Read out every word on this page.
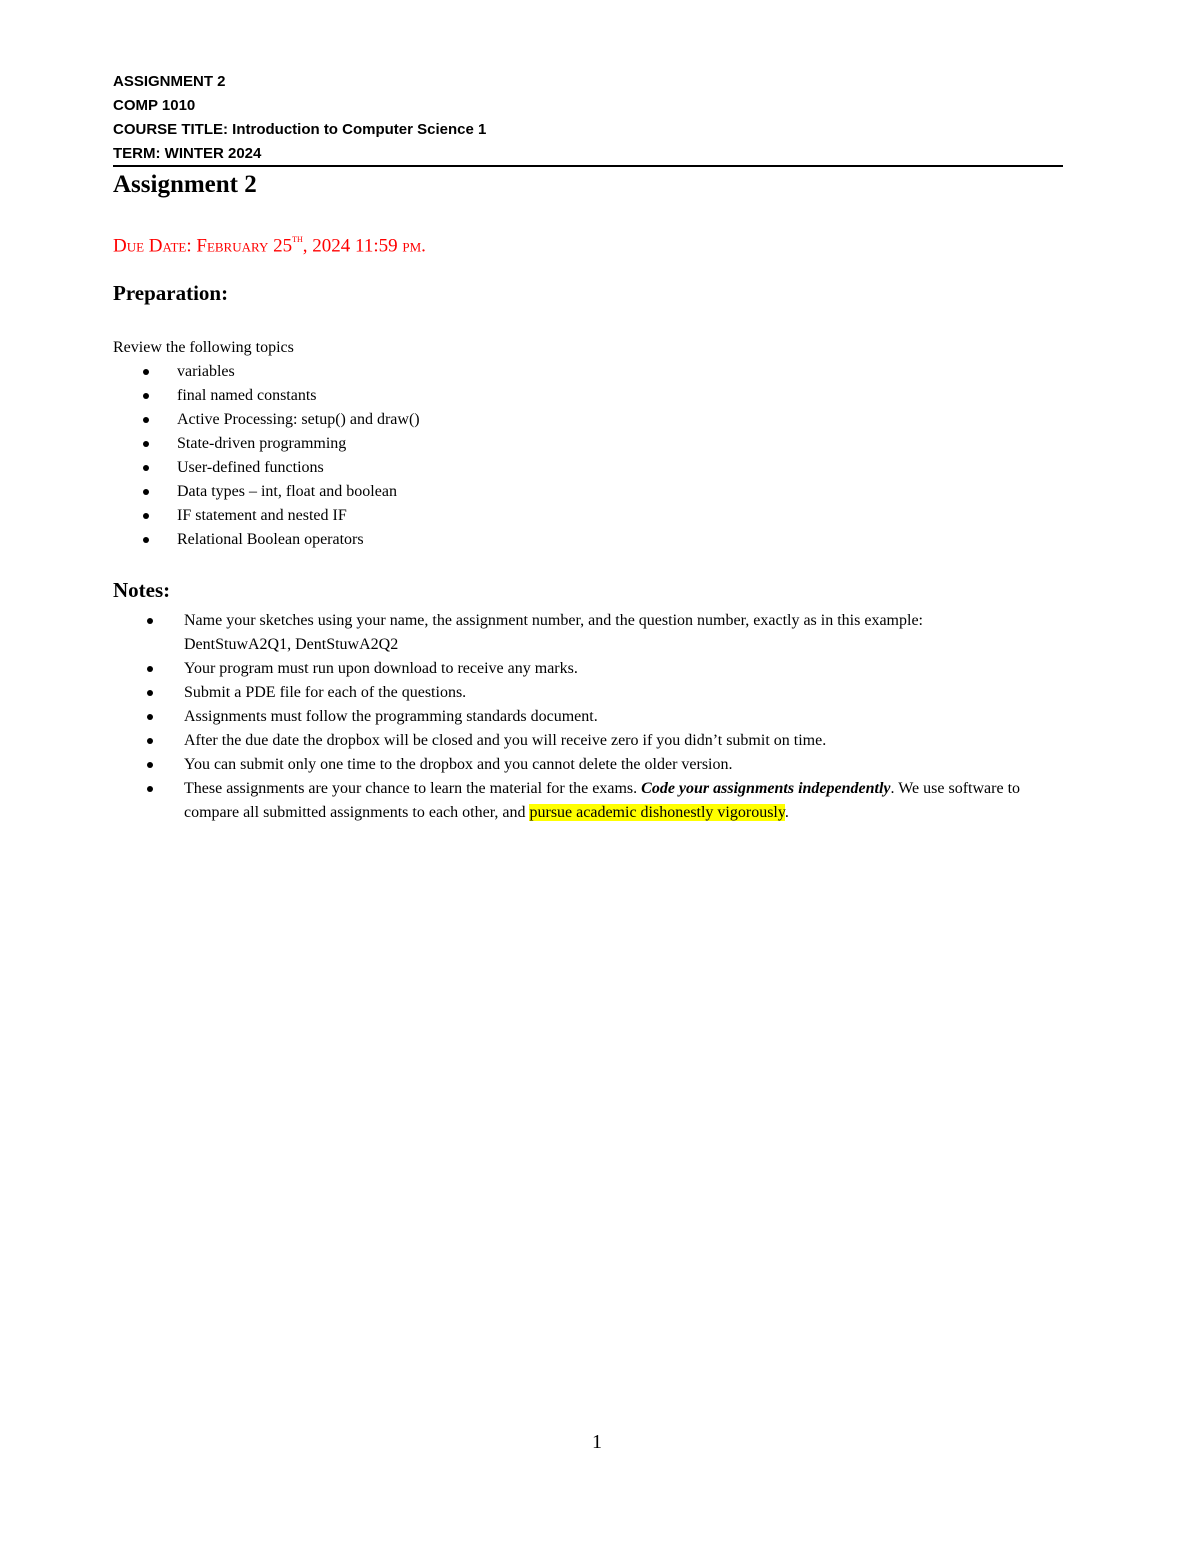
ASSIGNMENT 2
COMP 1010
COURSE TITLE: Introduction to Computer Science 1
TERM: WINTER 2024
Assignment 2
Due Date: February 25th, 2024 11:59 pm.
Preparation:
Review the following topics
variables
final named constants
Active Processing: setup() and draw()
State-driven programming
User-defined functions
Data types – int, float and boolean
IF statement and nested IF
Relational Boolean operators
Notes:
Name your sketches using your name, the assignment number, and the question number, exactly as in this example: DentStuwA2Q1, DentStuwA2Q2
Your program must run upon download to receive any marks.
Submit a PDE file for each of the questions.
Assignments must follow the programming standards document.
After the due date the dropbox will be closed and you will receive zero if you didn’t submit on time.
You can submit only one time to the dropbox and you cannot delete the older version.
These assignments are your chance to learn the material for the exams. Code your assignments independently. We use software to compare all submitted assignments to each other, and pursue academic dishonestly vigorously.
1
